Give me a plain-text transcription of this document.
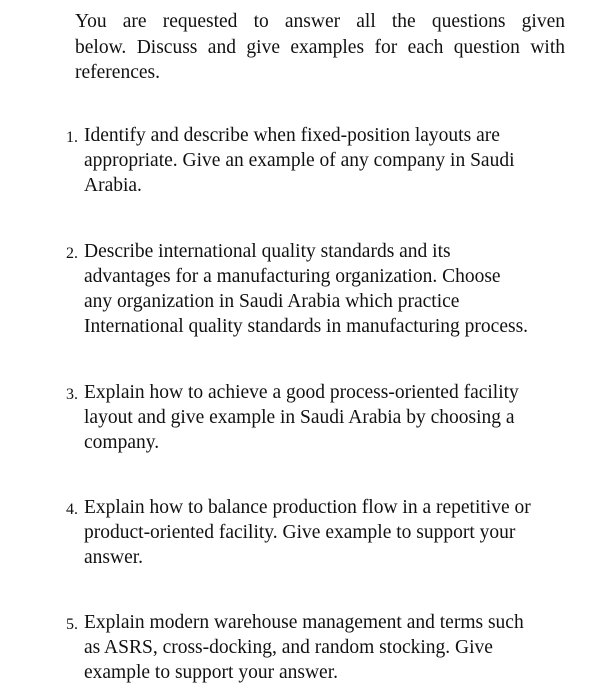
You are requested to answer all the questions given
below. Discuss and give examples for each question with
references.
1. Identify and describe when fixed-position layouts are
appropriate. Give an example of any company in Saudi
Arabia.
2. Describe international quality standards and its
advantages for a manufacturing organization. Choose
any organization in Saudi Arabia which practice
International quality standards in manufacturing process.
3. Explain how to achieve a good process-oriented facility
layout and give example in Saudi Arabia by choosing a
company.
4. Explain how to balance production flow in a repetitive or
product-oriented facility. Give example to support your
answer.
5. Explain modern warehouse management and terms such
as ASRS, cross-docking, and random stocking. Give
example to support your answer.
